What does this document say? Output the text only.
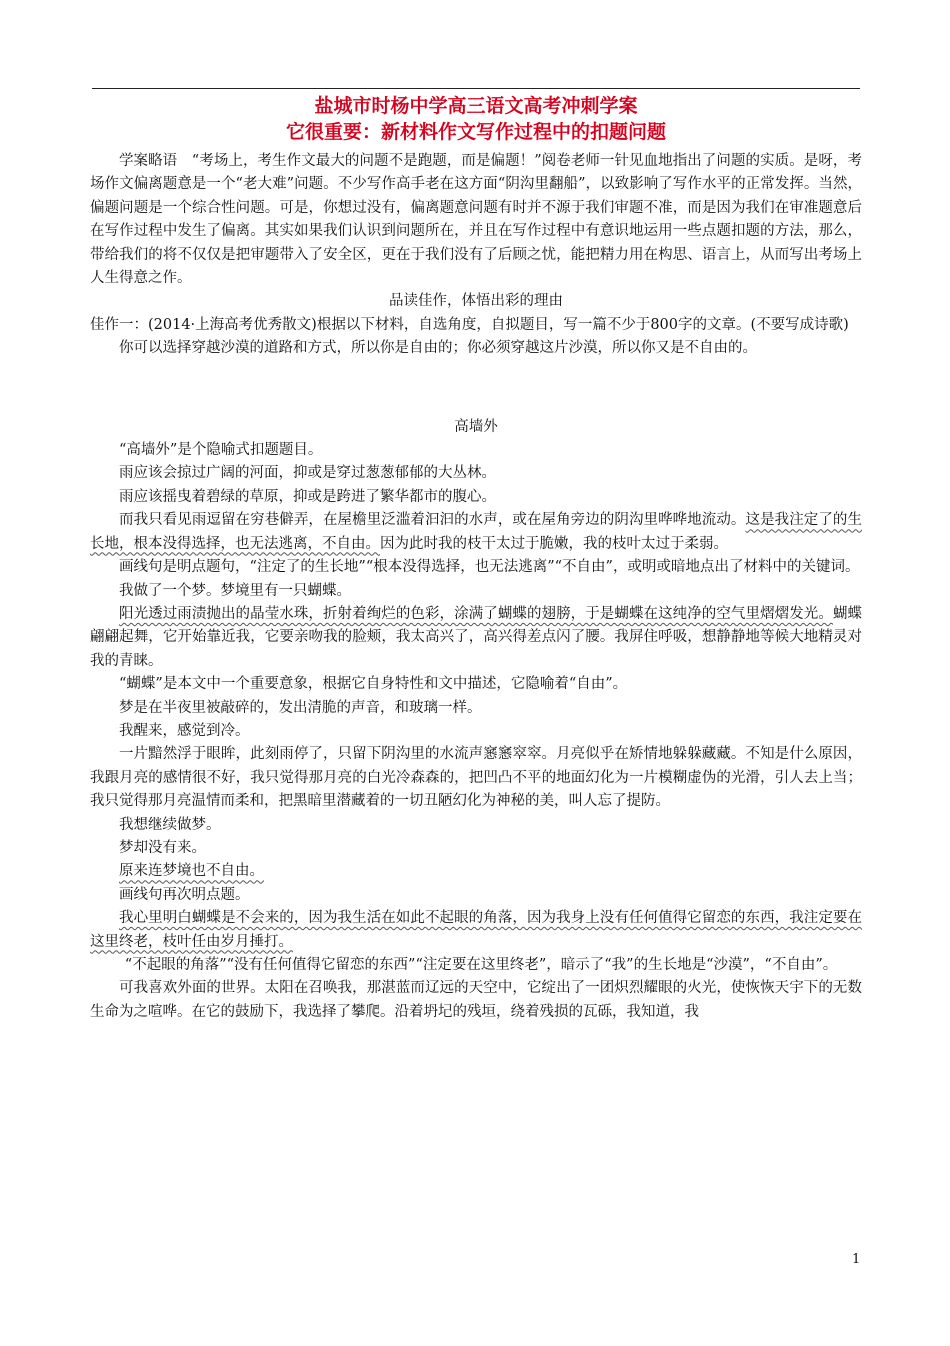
盐城市时杨中学高三语文高考冲刺学案
它很重要：新材料作文写作过程中的扣题问题

学案略语　“考场上，考生作文最大的问题不是跑题，而是偏题！”阅卷老师一针见血地指出了问题的实质。是呀，考场作文偏离题意是一个“老大难”问题。不少写作高手老在这方面“阴沟里翻船”，以致影响了写作水平的正常发挥。当然，偏题问题是一个综合性问题。可是，你想过没有，偏离题意问题有时并不源于我们审题不准，而是因为我们在审准题意后在写作过程中发生了偏离。其实如果我们认识到问题所在，并且在写作过程中有意识地运用一些点题扣题的方法，那么，带给我们的将不仅仅是把审题带入了安全区，更在于我们没有了后顾之忧，能把精力用在构思、语言上，从而写出考场上人生得意之作。

品读佳作，体悟出彩的理由

佳作一：(2014·上海高考优秀散文)根据以下材料，自选角度，自拟题目，写一篇不少于800字的文章。(不要写成诗歌)

你可以选择穿越沙漠的道路和方式，所以你是自由的；你必须穿越这片沙漠，所以你又是不自由的。

高墙外

“高墙外”是个隐喻式扣题题目。

雨应该会掠过广阔的河面，抑或是穿过葱葱郁郁的大丛林。

雨应该摇曳着碧绿的草原，抑或是跨进了繁华都市的腹心。

而我只看见雨逗留在穷巷僻弄，在屋檐里泛滥着汩汩的水声，或在屋角旁边的阴沟里哗哗地流动。这是我注定了的生长地，根本没得选择，也无法逃离，不自由。因为此时我的枝干太过于脆嫩，我的枝叶太过于柔弱。

画线句是明点题句，“注定了的生长地”“根本没得选择，也无法逃离”“不自由”，或明或暗地点出了材料中的关键词。

我做了一个梦。梦境里有一只蝴蝶。

阳光透过雨渍抛出的晶莹水珠，折射着绚烂的色彩，涂满了蝴蝶的翅膀，于是蝴蝶在这纯净的空气里熠熠发光。蝴蝶翩翩起舞，它开始靠近我，它要亲吻我的脸颊，我太高兴了，高兴得差点闪了腰。我屏住呼吸，想静静地等候大地精灵对我的青睐。

“蝴蝶”是本文中一个重要意象，根据它自身特性和文中描述，它隐喻着“自由”。

梦是在半夜里被敲碎的，发出清脆的声音，和玻璃一样。

我醒来，感觉到冷。

一片黯然浮于眼眸，此刻雨停了，只留下阴沟里的水流声窸窸窣窣。月亮似乎在矫情地躲躲藏藏。不知是什么原因，我跟月亮的感情很不好，我只觉得那月亮的白光冷森森的，把凹凸不平的地面幻化为一片模糊虚伪的光滑，引人去上当；我只觉得那月亮温情而柔和，把黑暗里潜藏着的一切丑陋幻化为神秘的美，叫人忘了提防。

我想继续做梦。

梦却没有来。

原来连梦境也不自由。

画线句再次明点题。

我心里明白蝴蝶是不会来的，因为我生活在如此不起眼的角落，因为我身上没有任何值得它留恋的东西，我注定要在这里终老，枝叶任由岁月捶打。

“不起眼的角落”“没有任何值得它留恋的东西”“注定要在这里终老”，暗示了“我”的生长地是“沙漠”，“不自由”。

可我喜欢外面的世界。太阳在召唤我，那湛蓝而辽远的天空中，它绽出了一团炽烈耀眼的火光，使恢恢天宇下的无数生命为之喧哗。在它的鼓励下，我选择了攀爬。沿着坍圮的残垣，绕着残损的瓦砾，我知道，我

1
